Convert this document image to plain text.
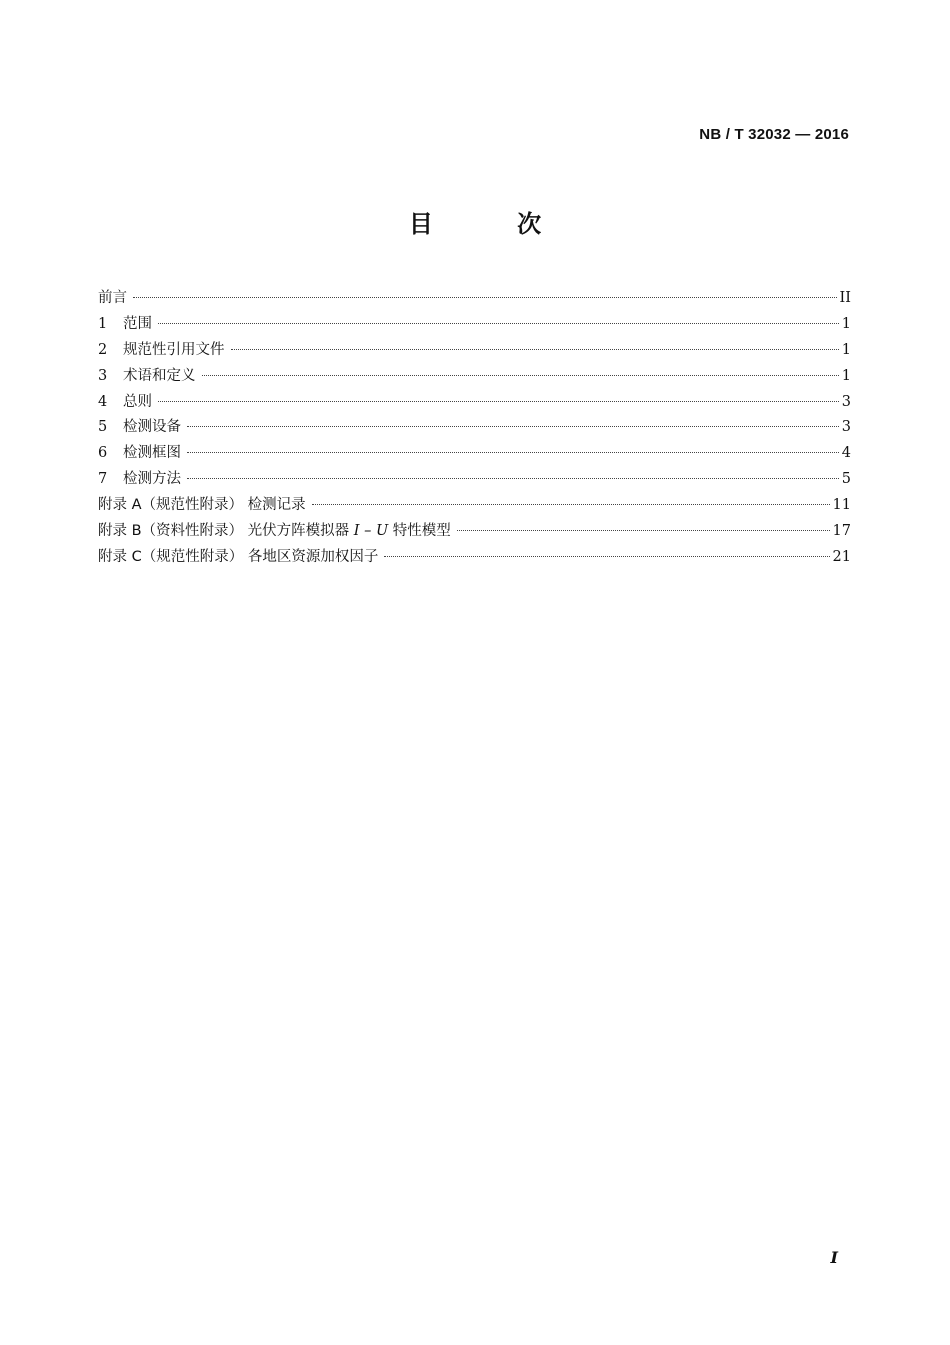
NB / T 32032 — 2016
目 次
前言	II
1	范围	1
2	规范性引用文件	1
3	术语和定义	1
4	总则	3
5	检测设备	3
6	检测框图	4
7	检测方法	5
附录 A（规范性附录） 检测记录	11
附录 B（资料性附录） 光伏方阵模拟器 I – U 特性模型	17
附录 C（规范性附录） 各地区资源加权因子	21
I
